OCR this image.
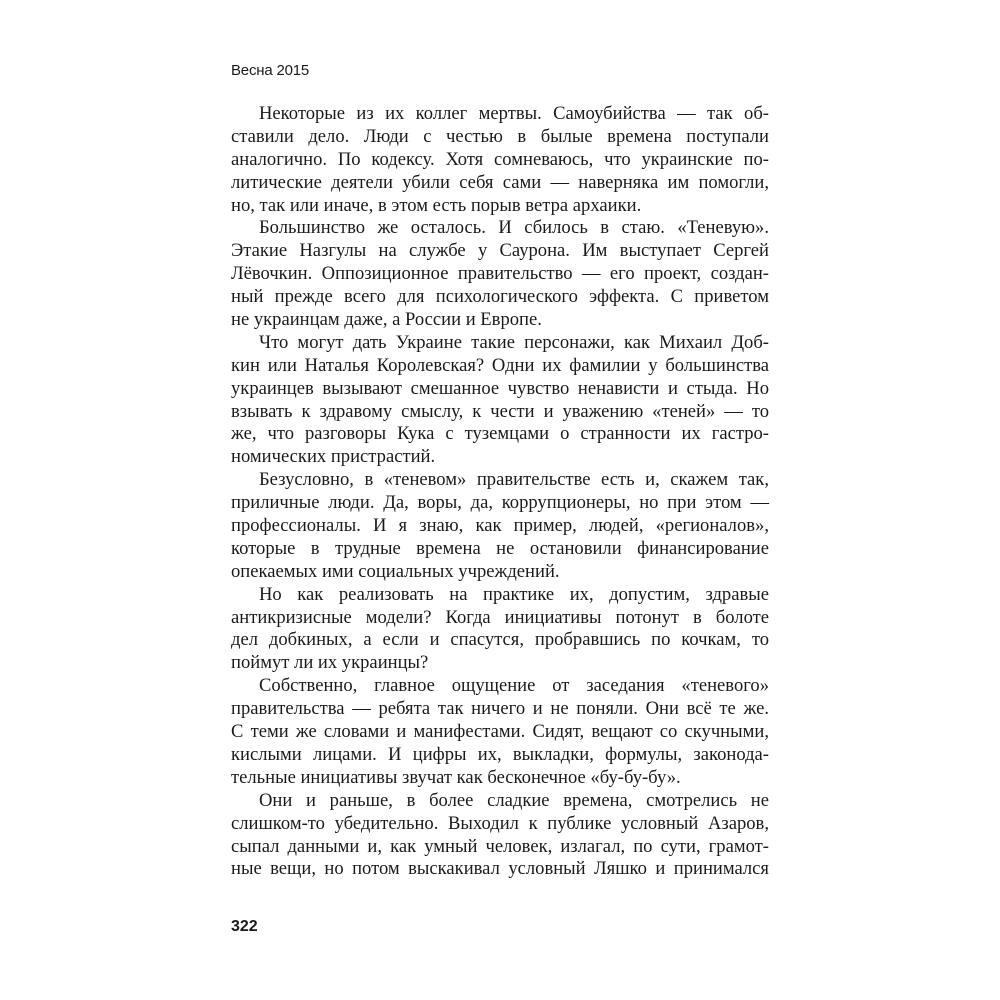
Весна 2015
Некоторые из их коллег мертвы. Самоубийства — так об-
ставили дело. Люди с честью в былые времена поступали
аналогично. По кодексу. Хотя сомневаюсь, что украинские по-
литические деятели убили себя сами — наверняка им помогли,
но, так или иначе, в этом есть порыв ветра архаики.
Большинство же осталось. И сбилось в стаю. «Теневую».
Этакие Назгулы на службе у Саурона. Им выступает Сергей
Лёвочкин. Оппозиционное правительство — его проект, создан-
ный прежде всего для психологического эффекта. С приветом
не украинцам даже, а России и Европе.
Что могут дать Украине такие персонажи, как Михаил Доб-
кин или Наталья Королевская? Одни их фамилии у большинства
украинцев вызывают смешанное чувство ненависти и стыда. Но
взывать к здравому смыслу, к чести и уважению «теней» — то
же, что разговоры Кука с туземцами о странности их гастро-
номических пристрастий.
Безусловно, в «теневом» правительстве есть и, скажем так,
приличные люди. Да, воры, да, коррупционеры, но при этом —
профессионалы. И я знаю, как пример, людей, «регионалов»,
которые в трудные времена не остановили финансирование
опекаемых ими социальных учреждений.
Но как реализовать на практике их, допустим, здравые
антикризисные модели? Когда инициативы потонут в болоте
дел добкиных, а если и спасутся, пробравшись по кочкам, то
поймут ли их украинцы?
Собственно, главное ощущение от заседания «теневого»
правительства — ребята так ничего и не поняли. Они всё те же.
С теми же словами и манифестами. Сидят, вещают со скучными,
кислыми лицами. И цифры их, выкладки, формулы, законода-
тельные инициативы звучат как бесконечное «бу-бу-бу».
Они и раньше, в более сладкие времена, смотрелись не
слишком-то убедительно. Выходил к публике условный Азаров,
сыпал данными и, как умный человек, излагал, по сути, грамот-
ные вещи, но потом выскакивал условный Ляшко и принимался
322
